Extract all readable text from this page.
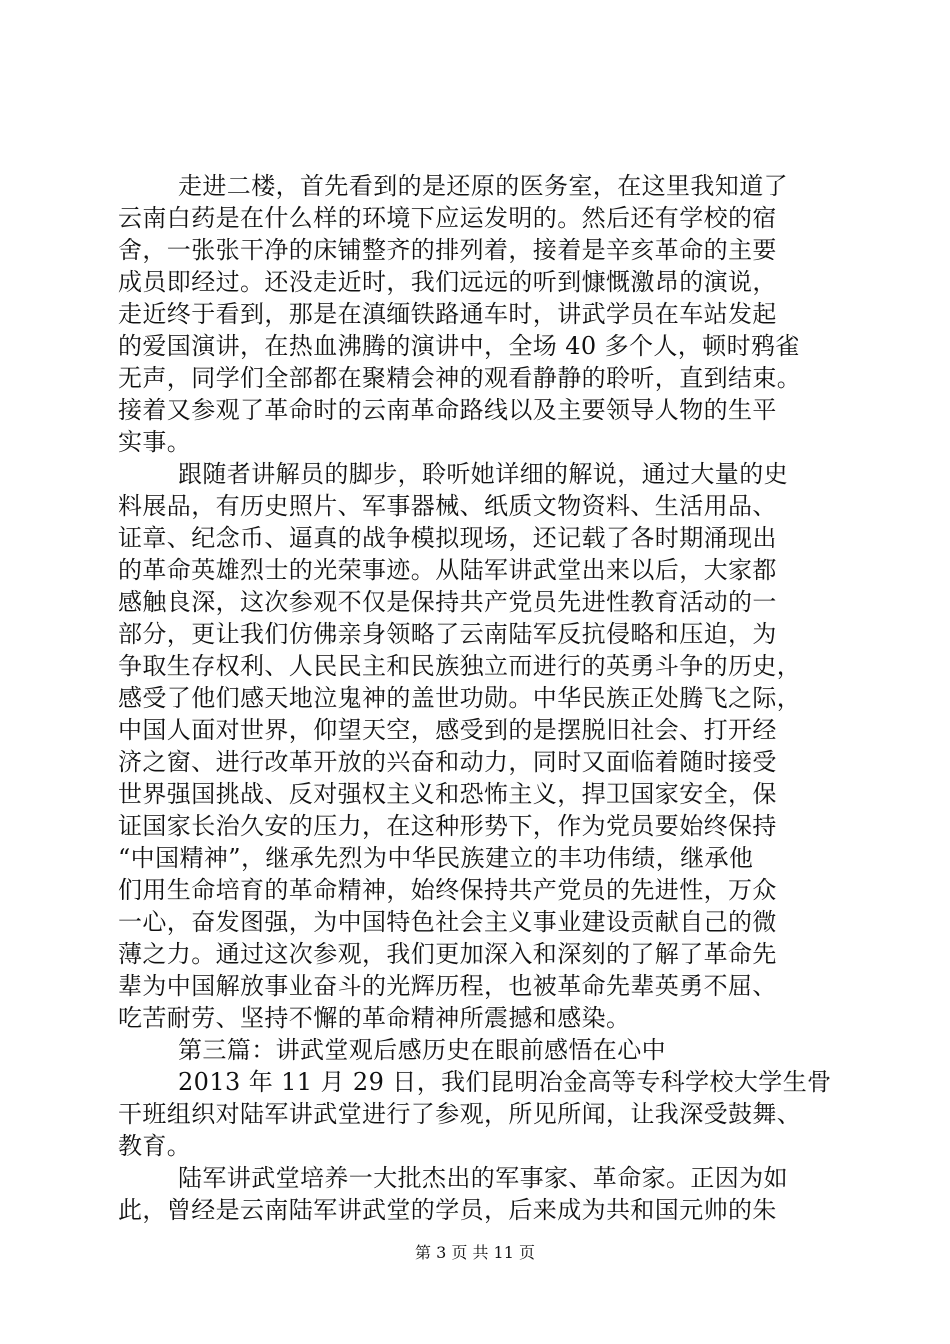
走进二楼，首先看到的是还原的医务室，在这里我知道了
云南白药是在什么样的环境下应运发明的。然后还有学校的宿
舍，一张张干净的床铺整齐的排列着，接着是辛亥革命的主要
成员即经过。还没走近时，我们远远的听到慷慨激昂的演说，
走近终于看到，那是在滇缅铁路通车时，讲武学员在车站发起
的爱国演讲，在热血沸腾的演讲中，全场 40 多个人，顿时鸦雀
无声，同学们全部都在聚精会神的观看静静的聆听，直到结束。
接着又参观了革命时的云南革命路线以及主要领导人物的生平
实事。
跟随者讲解员的脚步，聆听她详细的解说，通过大量的史
料展品，有历史照片、军事器械、纸质文物资料、生活用品、
证章、纪念币、逼真的战争模拟现场，还记载了各时期涌现出
的革命英雄烈士的光荣事迹。从陆军讲武堂出来以后，大家都
感触良深，这次参观不仅是保持共产党员先进性教育活动的一
部分，更让我们仿佛亲身领略了云南陆军反抗侵略和压迫，为
争取生存权利、人民民主和民族独立而进行的英勇斗争的历史，
感受了他们感天地泣鬼神的盖世功勋。中华民族正处腾飞之际，
中国人面对世界，仰望天空，感受到的是摆脱旧社会、打开经
济之窗、进行改革开放的兴奋和动力，同时又面临着随时接受
世界强国挑战、反对强权主义和恐怖主义，捍卫国家安全，保
证国家长治久安的压力，在这种形势下，作为党员要始终保持
“中国精神”，继承先烈为中华民族建立的丰功伟绩，继承他
们用生命培育的革命精神，始终保持共产党员的先进性，万众
一心，奋发图强，为中国特色社会主义事业建设贡献自己的微
薄之力。通过这次参观，我们更加深入和深刻的了解了革命先
辈为中国解放事业奋斗的光辉历程，也被革命先辈英勇不屈、
吃苦耐劳、坚持不懈的革命精神所震撼和感染。
第三篇：讲武堂观后感历史在眼前感悟在心中
2013 年 11 月 29 日，我们昆明冶金高等专科学校大学生骨
干班组织对陆军讲武堂进行了参观，所见所闻，让我深受鼓舞、
教育。
陆军讲武堂培养一大批杰出的军事家、革命家。正因为如
此，曾经是云南陆军讲武堂的学员，后来成为共和国元帅的朱
第 3 页 共 11 页
